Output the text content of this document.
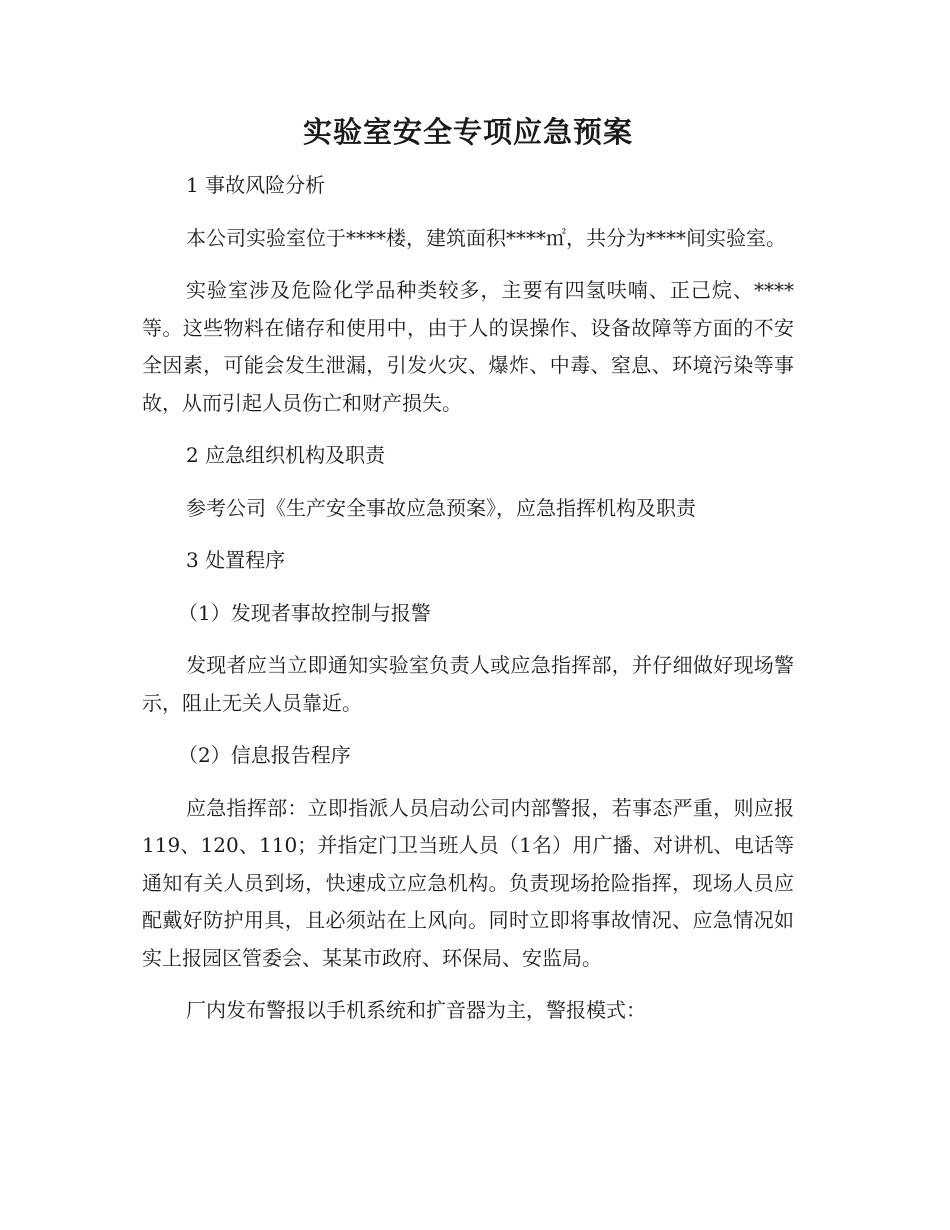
实验室安全专项应急预案
1 事故风险分析
本公司实验室位于****楼，建筑面积****㎡，共分为****间实验室。
实验室涉及危险化学品种类较多，主要有四氢呋喃、正己烷、****等。这些物料在储存和使用中，由于人的误操作、设备故障等方面的不安全因素，可能会发生泄漏，引发火灾、爆炸、中毒、窒息、环境污染等事故，从而引起人员伤亡和财产损失。
2 应急组织机构及职责
参考公司《生产安全事故应急预案》，应急指挥机构及职责
3 处置程序
（1）发现者事故控制与报警
发现者应当立即通知实验室负责人或应急指挥部，并仔细做好现场警示，阻止无关人员靠近。
（2）信息报告程序
应急指挥部：立即指派人员启动公司内部警报，若事态严重，则应报119、120、110；并指定门卫当班人员（1名）用广播、对讲机、电话等通知有关人员到场，快速成立应急机构。负责现场抢险指挥，现场人员应配戴好防护用具，且必须站在上风向。同时立即将事故情况、应急情况如实上报园区管委会、某某市政府、环保局、安监局。
厂内发布警报以手机系统和扩音器为主，警报模式：
